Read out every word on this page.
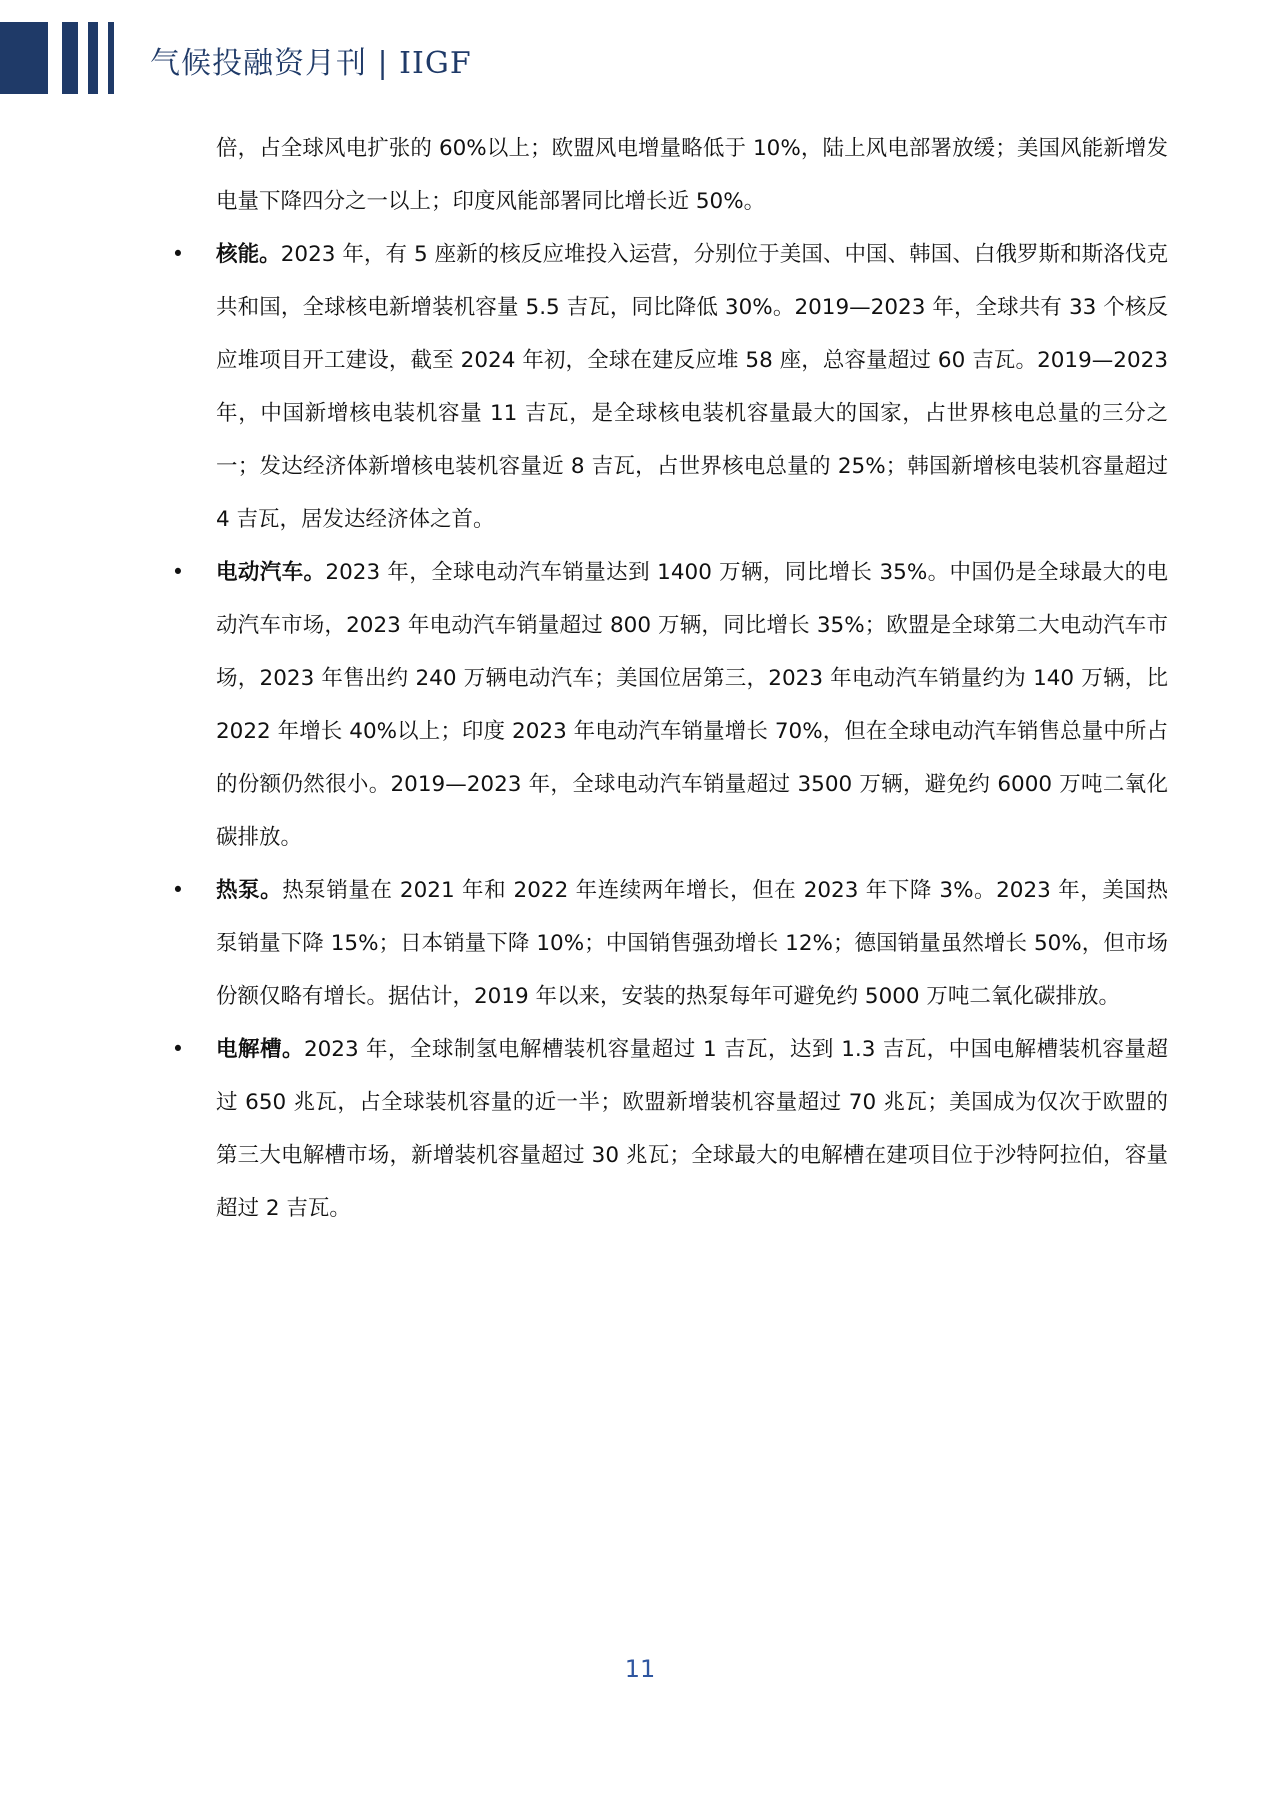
气候投融资月刊 | IIGF
倍，占全球风电扩张的 60%以上；欧盟风电增量略低于 10%，陆上风电部署放缓；美国风能新增发电量下降四分之一以上；印度风能部署同比增长近 50%。
• 核能。2023 年，有 5 座新的核反应堆投入运营，分别位于美国、中国、韩国、白俄罗斯和斯洛伐克共和国，全球核电新增装机容量 5.5 吉瓦，同比降低 30%。2019—2023 年，全球共有 33 个核反应堆项目开工建设，截至 2024 年初，全球在建反应堆 58 座，总容量超过 60 吉瓦。2019—2023 年，中国新增核电装机容量 11 吉瓦，是全球核电装机容量最大的国家，占世界核电总量的三分之一；发达经济体新增核电装机容量近 8 吉瓦，占世界核电总量的 25%；韩国新增核电装机容量超过 4 吉瓦，居发达经济体之首。
• 电动汽车。2023 年，全球电动汽车销量达到 1400 万辆，同比增长 35%。中国仍是全球最大的电动汽车市场，2023 年电动汽车销量超过 800 万辆，同比增长 35%；欧盟是全球第二大电动汽车市场，2023 年售出约 240 万辆电动汽车；美国位居第三，2023 年电动汽车销量约为 140 万辆，比 2022 年增长 40%以上；印度 2023 年电动汽车销量增长 70%，但在全球电动汽车销售总量中所占的份额仍然很小。2019—2023 年，全球电动汽车销量超过 3500 万辆，避免约 6000 万吨二氧化碳排放。
• 热泵。热泵销量在 2021 年和 2022 年连续两年增长，但在 2023 年下降 3%。2023 年，美国热泵销量下降 15%；日本销量下降 10%；中国销售强劲增长 12%；德国销量虽然增长 50%，但市场份额仅略有增长。据估计，2019 年以来，安装的热泵每年可避免约 5000 万吨二氧化碳排放。
• 电解槽。2023 年，全球制氢电解槽装机容量超过 1 吉瓦，达到 1.3 吉瓦，中国电解槽装机容量超过 650 兆瓦，占全球装机容量的近一半；欧盟新增装机容量超过 70 兆瓦；美国成为仅次于欧盟的第三大电解槽市场，新增装机容量超过 30 兆瓦；全球最大的电解槽在建项目位于沙特阿拉伯，容量超过 2 吉瓦。
11
